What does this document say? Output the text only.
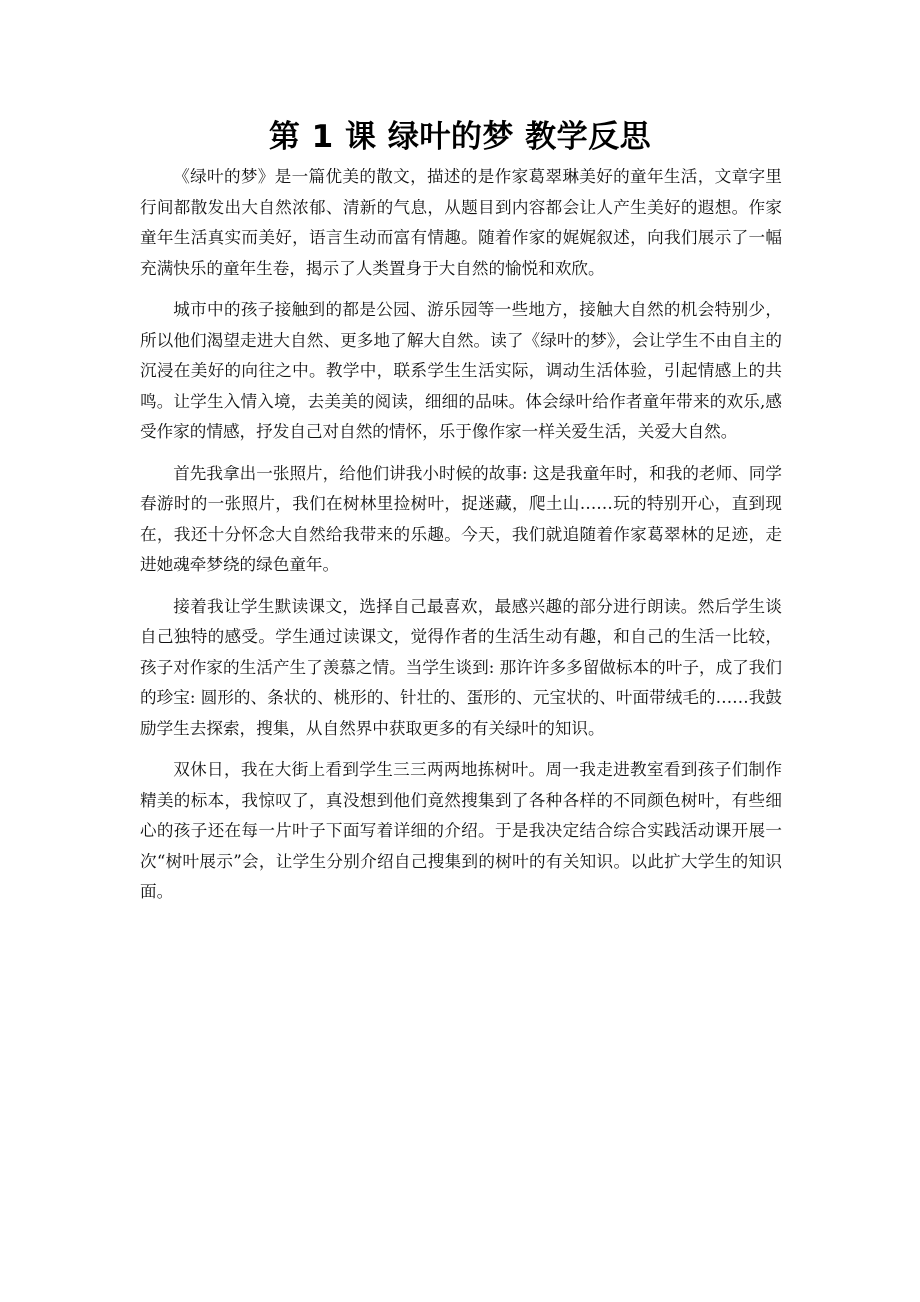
第 1 课 绿叶的梦 教学反思

《绿叶的梦》是一篇优美的散文，描述的是作家葛翠琳美好的童年生活，文章字里行间都散发出大自然浓郁、清新的气息，从题目到内容都会让人产生美好的遐想。作家童年生活真实而美好，语言生动而富有情趣。随着作家的娓娓叙述，向我们展示了一幅充满快乐的童年生卷，揭示了人类置身于大自然的愉悦和欢欣。

城市中的孩子接触到的都是公园、游乐园等一些地方，接触大自然的机会特别少，所以他们渴望走进大自然、更多地了解大自然。读了《绿叶的梦》，会让学生不由自主的沉浸在美好的向往之中。教学中，联系学生生活实际，调动生活体验，引起情感上的共鸣。让学生入情入境，去美美的阅读，细细的品味。体会绿叶给作者童年带来的欢乐,感受作家的情感，抒发自己对自然的情怀，乐于像作家一样关爱生活，关爱大自然。

首先我拿出一张照片，给他们讲我小时候的故事: 这是我童年时，和我的老师、同学春游时的一张照片，我们在树林里捡树叶，捉迷藏，爬土山……玩的特别开心，直到现在，我还十分怀念大自然给我带来的乐趣。今天，我们就追随着作家葛翠林的足迹，走进她魂牵梦绕的绿色童年。

接着我让学生默读课文，选择自己最喜欢，最感兴趣的部分进行朗读。然后学生谈自己独特的感受。学生通过读课文，觉得作者的生活生动有趣，和自己的生活一比较，孩子对作家的生活产生了羡慕之情。当学生谈到: 那许许多多留做标本的叶子，成了我们的珍宝: 圆形的、条状的、桃形的、针壮的、蛋形的、元宝状的、叶面带绒毛的……我鼓励学生去探索，搜集，从自然界中获取更多的有关绿叶的知识。

双休日，我在大街上看到学生三三两两地拣树叶。周一我走进教室看到孩子们制作精美的标本，我惊叹了，真没想到他们竟然搜集到了各种各样的不同颜色树叶，有些细心的孩子还在每一片叶子下面写着详细的介绍。于是我决定结合综合实践活动课开展一次“树叶展示”会，让学生分别介绍自己搜集到的树叶的有关知识。以此扩大学生的知识面。
